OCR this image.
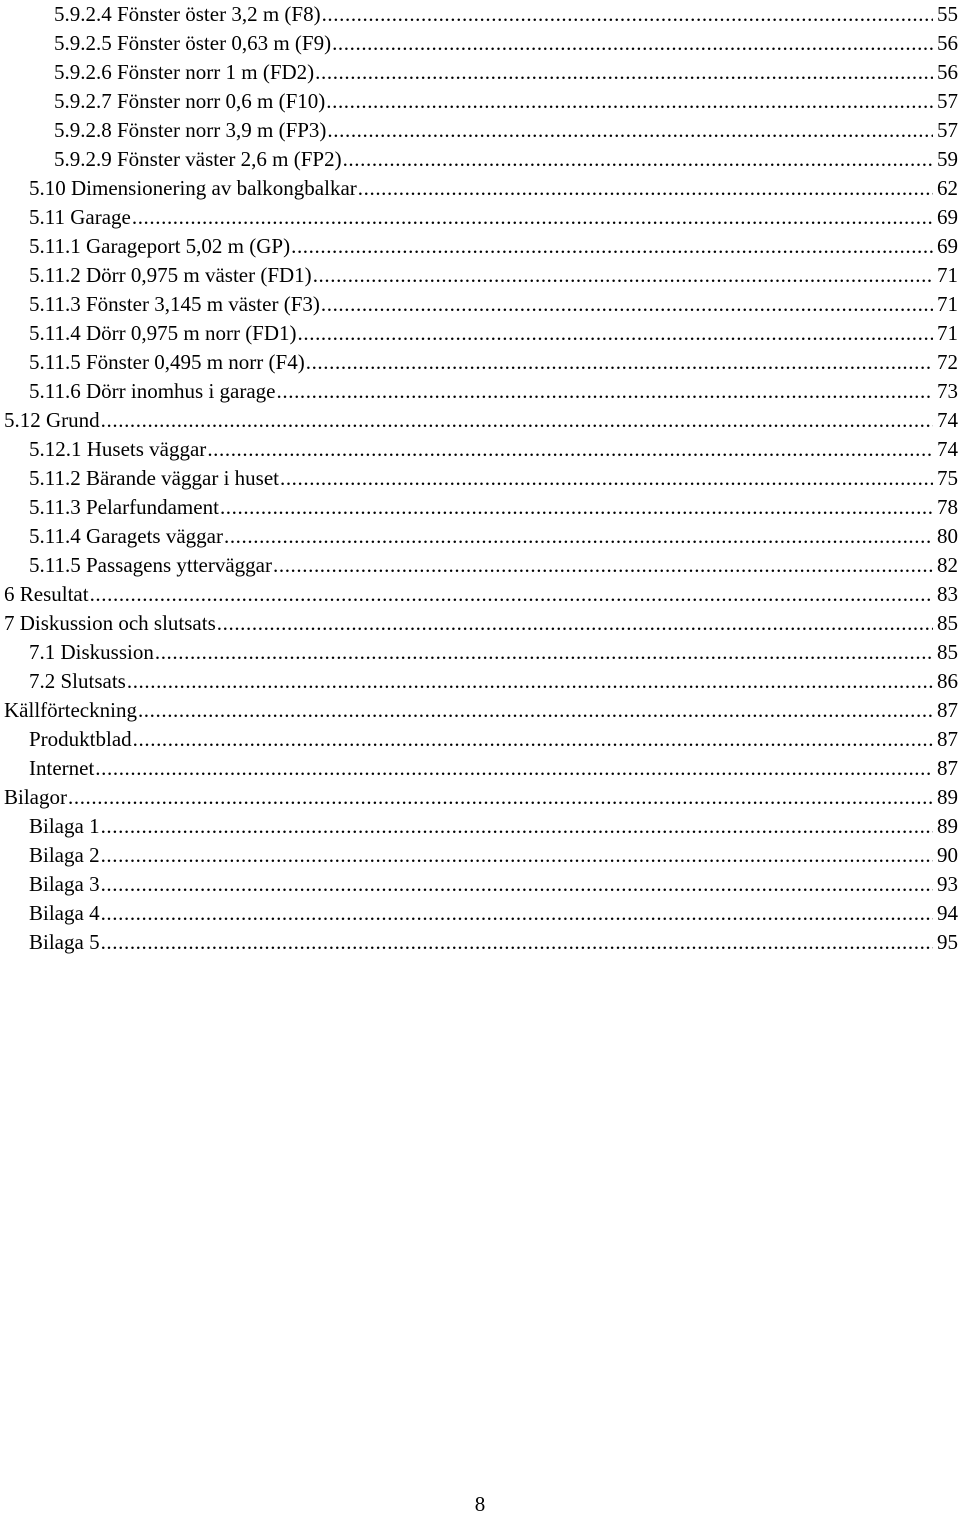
5.9.2.4 Fönster öster 3,2 m (F8) .....	55
5.9.2.5 Fönster öster 0,63 m (F9) .....	56
5.9.2.6 Fönster norr 1 m (FD2) .....	56
5.9.2.7 Fönster norr 0,6 m (F10) .....	57
5.9.2.8 Fönster norr 3,9 m (FP3) .....	57
5.9.2.9 Fönster väster 2,6 m (FP2) .....	59
5.10 Dimensionering av balkongbalkar .....	62
5.11 Garage .....	69
5.11.1 Garageport 5,02 m (GP) .....	69
5.11.2 Dörr 0,975 m väster (FD1) .....	71
5.11.3 Fönster 3,145 m väster (F3) .....	71
5.11.4 Dörr 0,975 m norr (FD1) .....	71
5.11.5 Fönster 0,495 m norr (F4) .....	72
5.11.6 Dörr inomhus i garage .....	73
5.12 Grund .....	74
5.12.1 Husets väggar .....	74
5.11.2 Bärande väggar i huset .....	75
5.11.3 Pelarfundament .....	78
5.11.4 Garagets väggar .....	80
5.11.5 Passagens ytterväggar .....	82
6 Resultat .....	83
7 Diskussion och slutsats .....	85
7.1 Diskussion .....	85
7.2 Slutsats .....	86
Källförteckning .....	87
Produktblad .....	87
Internet .....	87
Bilagor .....	89
Bilaga 1 .....	89
Bilaga 2 .....	90
Bilaga 3 .....	93
Bilaga 4 .....	94
Bilaga 5 .....	95
8
